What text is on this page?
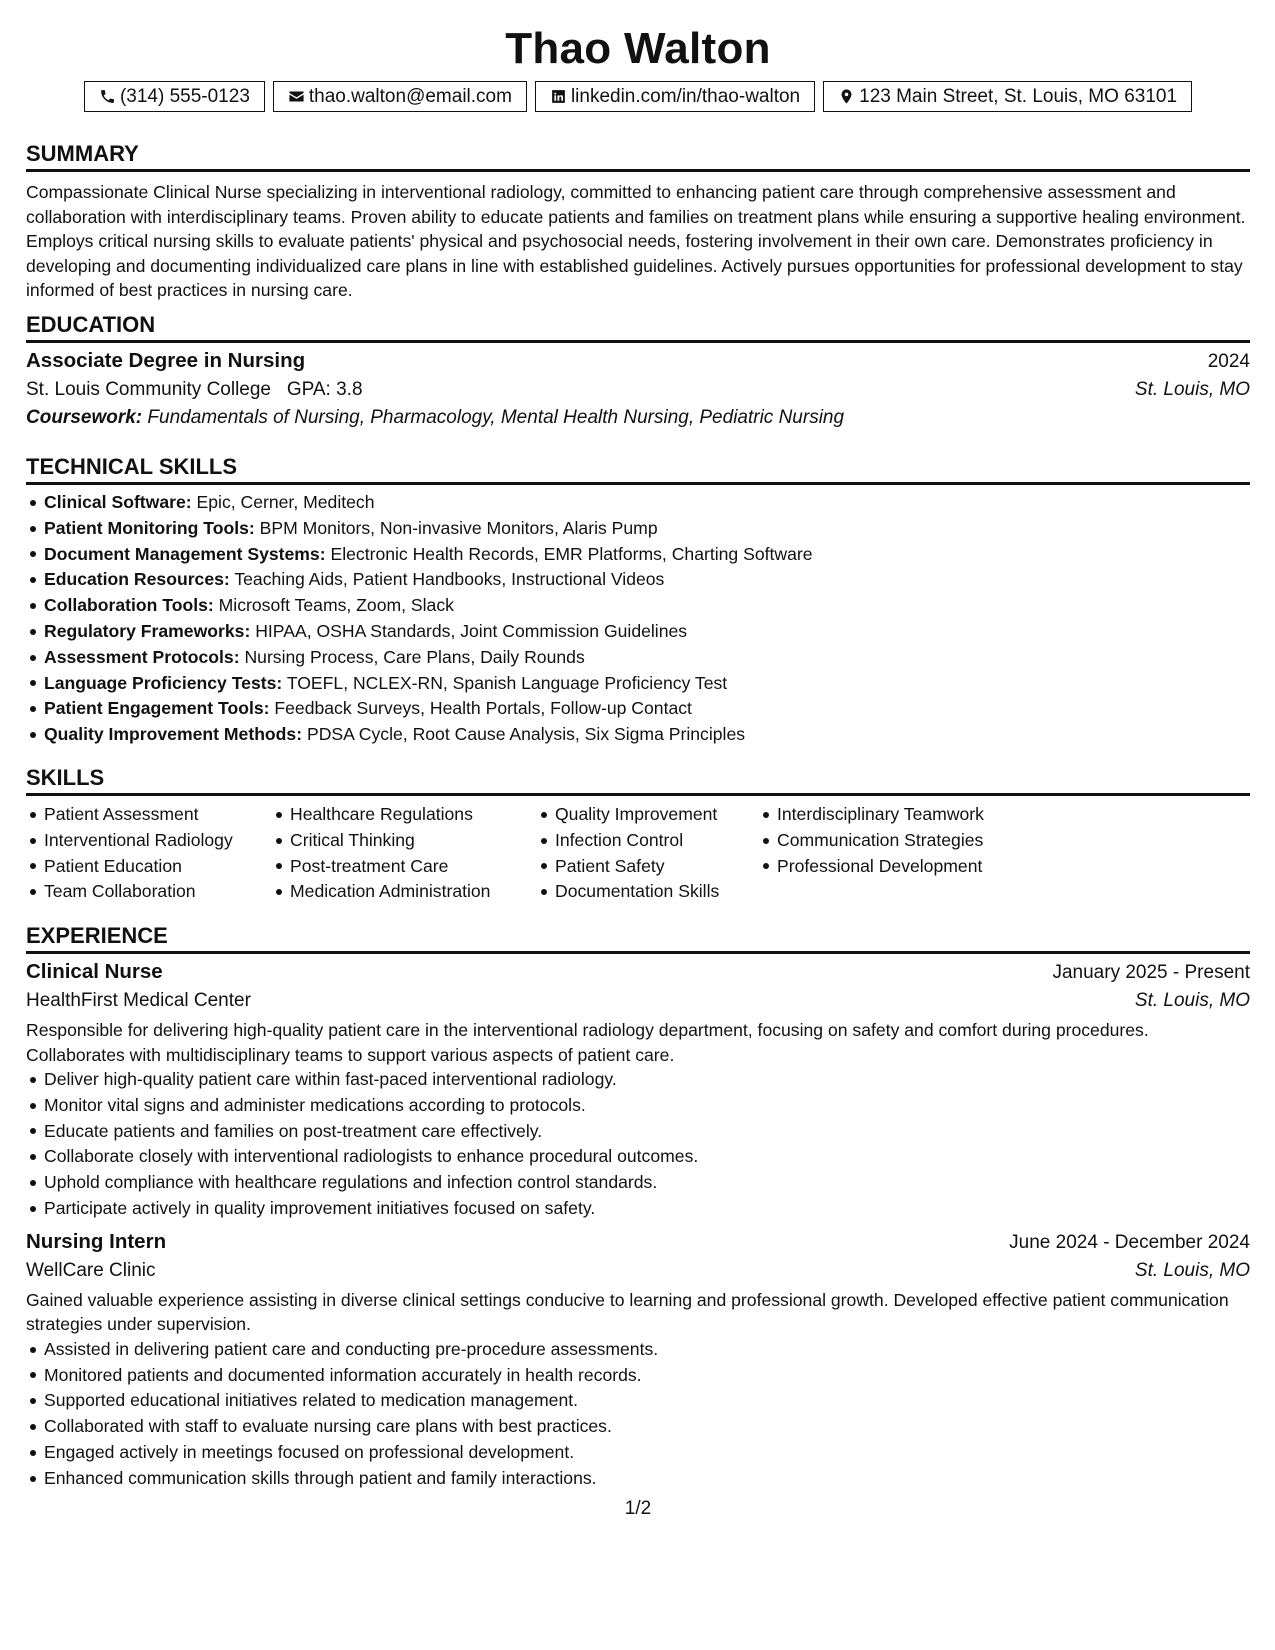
Thao Walton
(314) 555-0123	thao.walton@email.com	linkedin.com/in/thao-walton	123 Main Street, St. Louis, MO 63101
SUMMARY
Compassionate Clinical Nurse specializing in interventional radiology, committed to enhancing patient care through comprehensive assessment and collaboration with interdisciplinary teams. Proven ability to educate patients and families on treatment plans while ensuring a supportive healing environment. Employs critical nursing skills to evaluate patients' physical and psychosocial needs, fostering involvement in their own care. Demonstrates proficiency in developing and documenting individualized care plans in line with established guidelines. Actively pursues opportunities for professional development to stay informed of best practices in nursing care.
EDUCATION
Associate Degree in Nursing	2024
St. Louis Community College GPA: 3.8	St. Louis, MO
Coursework: Fundamentals of Nursing, Pharmacology, Mental Health Nursing, Pediatric Nursing
TECHNICAL SKILLS
Clinical Software: Epic, Cerner, Meditech
Patient Monitoring Tools: BPM Monitors, Non-invasive Monitors, Alaris Pump
Document Management Systems: Electronic Health Records, EMR Platforms, Charting Software
Education Resources: Teaching Aids, Patient Handbooks, Instructional Videos
Collaboration Tools: Microsoft Teams, Zoom, Slack
Regulatory Frameworks: HIPAA, OSHA Standards, Joint Commission Guidelines
Assessment Protocols: Nursing Process, Care Plans, Daily Rounds
Language Proficiency Tests: TOEFL, NCLEX-RN, Spanish Language Proficiency Test
Patient Engagement Tools: Feedback Surveys, Health Portals, Follow-up Contact
Quality Improvement Methods: PDSA Cycle, Root Cause Analysis, Six Sigma Principles
SKILLS
Patient Assessment
Interventional Radiology
Patient Education
Team Collaboration
Healthcare Regulations
Critical Thinking
Post-treatment Care
Medication Administration
Quality Improvement
Infection Control
Patient Safety
Documentation Skills
Interdisciplinary Teamwork
Communication Strategies
Professional Development
EXPERIENCE
Clinical Nurse	January 2025 - Present
HealthFirst Medical Center	St. Louis, MO
Responsible for delivering high-quality patient care in the interventional radiology department, focusing on safety and comfort during procedures. Collaborates with multidisciplinary teams to support various aspects of patient care.
Deliver high-quality patient care within fast-paced interventional radiology.
Monitor vital signs and administer medications according to protocols.
Educate patients and families on post-treatment care effectively.
Collaborate closely with interventional radiologists to enhance procedural outcomes.
Uphold compliance with healthcare regulations and infection control standards.
Participate actively in quality improvement initiatives focused on safety.
Nursing Intern	June 2024 - December 2024
WellCare Clinic	St. Louis, MO
Gained valuable experience assisting in diverse clinical settings conducive to learning and professional growth. Developed effective patient communication strategies under supervision.
Assisted in delivering patient care and conducting pre-procedure assessments.
Monitored patients and documented information accurately in health records.
Supported educational initiatives related to medication management.
Collaborated with staff to evaluate nursing care plans with best practices.
Engaged actively in meetings focused on professional development.
Enhanced communication skills through patient and family interactions.
1/2
